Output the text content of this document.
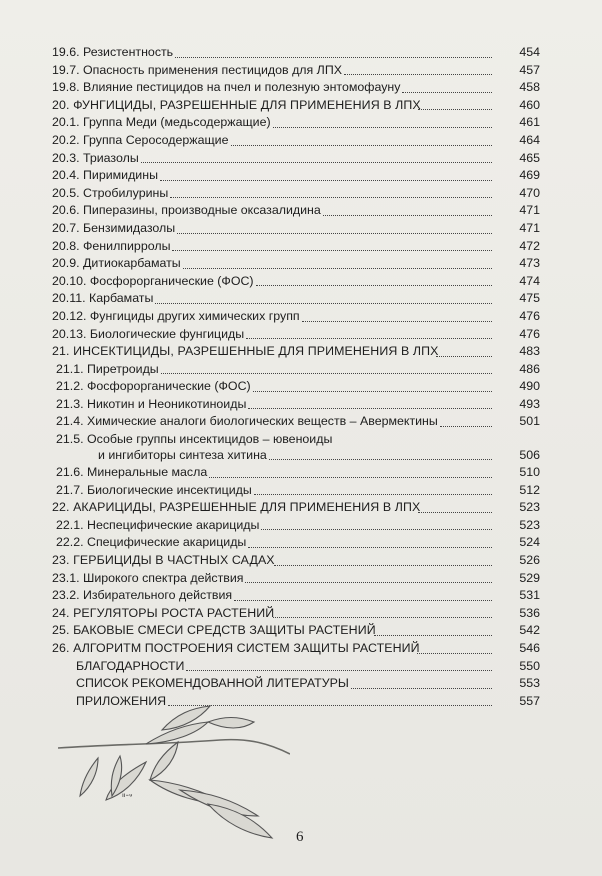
19.6. Резистентность	454
19.7. Опасность применения пестицидов для ЛПХ	457
19.8. Влияние пестицидов на пчел и полезную энтомофауну	458
20. ФУНГИЦИДЫ, РАЗРЕШЕННЫЕ ДЛЯ ПРИМЕНЕНИЯ В ЛПХ	460
20.1. Группа Меди (медьсодержащие)	461
20.2. Группа Серосодержащие	464
20.3. Триазолы	465
20.4. Пиримидины	469
20.5. Стробилурины	470
20.6. Пиперазины, производные оксазалидина	471
20.7. Бензимидазолы	471
20.8. Фенилпирролы	472
20.9. Дитиокарбаматы	473
20.10. Фосфорорганические (ФОС)	474
20.11. Карбаматы	475
20.12. Фунгициды других химических групп	476
20.13. Биологические фунгициды	476
21. ИНСЕКТИЦИДЫ, РАЗРЕШЕННЫЕ ДЛЯ ПРИМЕНЕНИЯ В ЛПХ	483
21.1. Пиретроиды	486
21.2. Фосфорорганические (ФОС)	490
21.3. Никотин и Неоникотиноиды	493
21.4. Химические аналоги биологических веществ – Авермектины	501
21.5. Особые группы инсектицидов – ювеноиды
и ингибиторы синтеза хитина	506
21.6. Минеральные масла	510
21.7. Биологические инсектициды	512
22. АКАРИЦИДЫ, РАЗРЕШЕННЫЕ ДЛЯ ПРИМЕНЕНИЯ В ЛПХ	523
22.1. Неспецифические акарициды	523
22.2. Специфические акарициды	524
23. ГЕРБИЦИДЫ В ЧАСТНЫХ САДАХ	526
23.1. Широкого спектра действия	529
23.2. Избирательного действия	531
24. РЕГУЛЯТОРЫ РОСТА РАСТЕНИЙ	536
25. БАКОВЫЕ СМЕСИ СРЕДСТВ ЗАЩИТЫ РАСТЕНИЙ	542
26. АЛГОРИТМ ПОСТРОЕНИЯ СИСТЕМ ЗАЩИТЫ РАСТЕНИЙ	546
БЛАГОДАРНОСТИ	550
СПИСОК РЕКОМЕНДОВАННОЙ ЛИТЕРАТУРЫ	553
ПРИЛОЖЕНИЯ	557
ᐦᐨᐡ
6
